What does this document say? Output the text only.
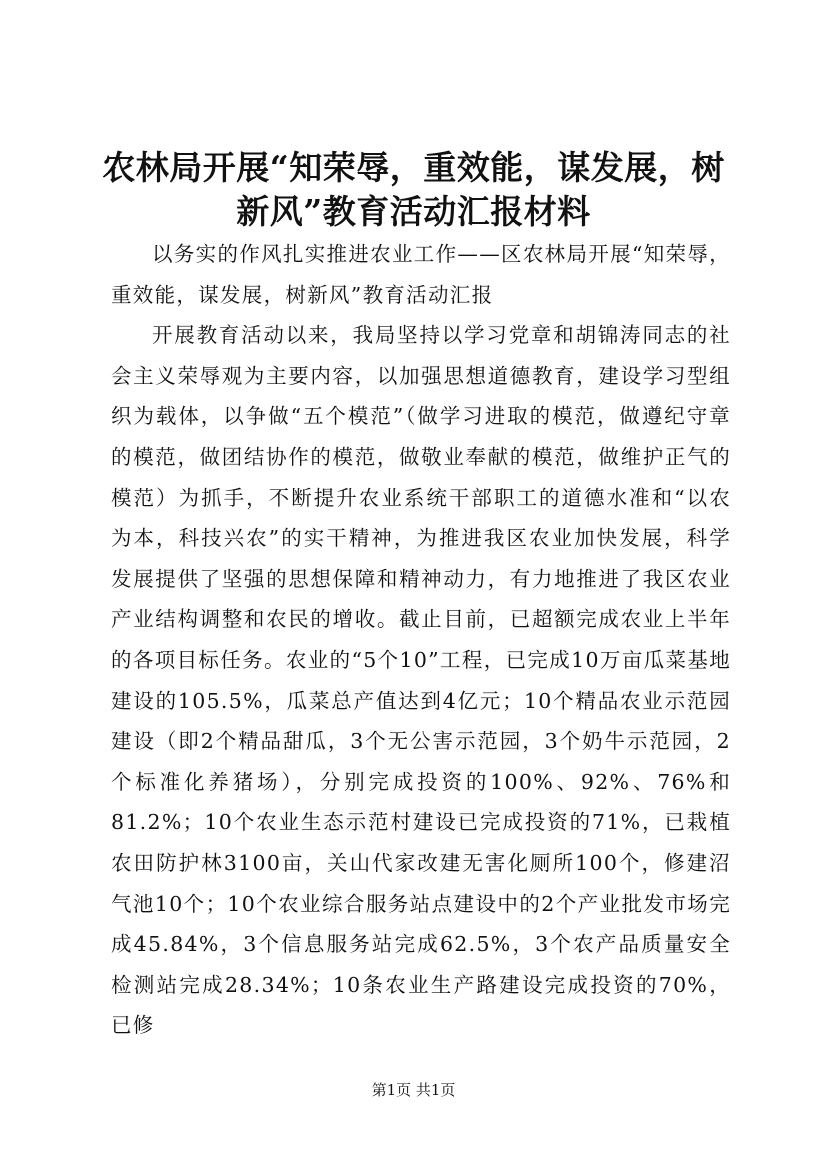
农林局开展“知荣辱，重效能，谋发展，树新风”教育活动汇报材料

以务实的作风扎实推进农业工作——区农林局开展“知荣辱，重效能，谋发展，树新风”教育活动汇报

开展教育活动以来，我局坚持以学习党章和胡锦涛同志的社会主义荣辱观为主要内容，以加强思想道德教育，建设学习型组织为载体，以争做“五个模范”（做学习进取的模范，做遵纪守章的模范，做团结协作的模范，做敬业奉献的模范，做维护正气的模范）为抓手，不断提升农业系统干部职工的道德水准和“以农为本，科技兴农”的实干精神，为推进我区农业加快发展，科学发展提供了坚强的思想保障和精神动力，有力地推进了我区农业产业结构调整和农民的增收。截止目前，已超额完成农业上半年的各项目标任务。农业的“5个10”工程，已完成10万亩瓜菜基地建设的105.5%，瓜菜总产值达到4亿元；10个精品农业示范园建设（即2个精品甜瓜，3个无公害示范园，3个奶牛示范园，2个标准化养猪场），分别完成投资的100%、92%、76%和81.2%；10个农业生态示范村建设已完成投资的71%，已栽植农田防护林3100亩，关山代家改建无害化厕所100个，修建沼气池10个；10个农业综合服务站点建设中的2个产业批发市场完成45.84%，3个信息服务站完成62.5%，3个农产品质量安全检测站完成28.34%；10条农业生产路建设完成投资的70%，已修

第1页 共1页
